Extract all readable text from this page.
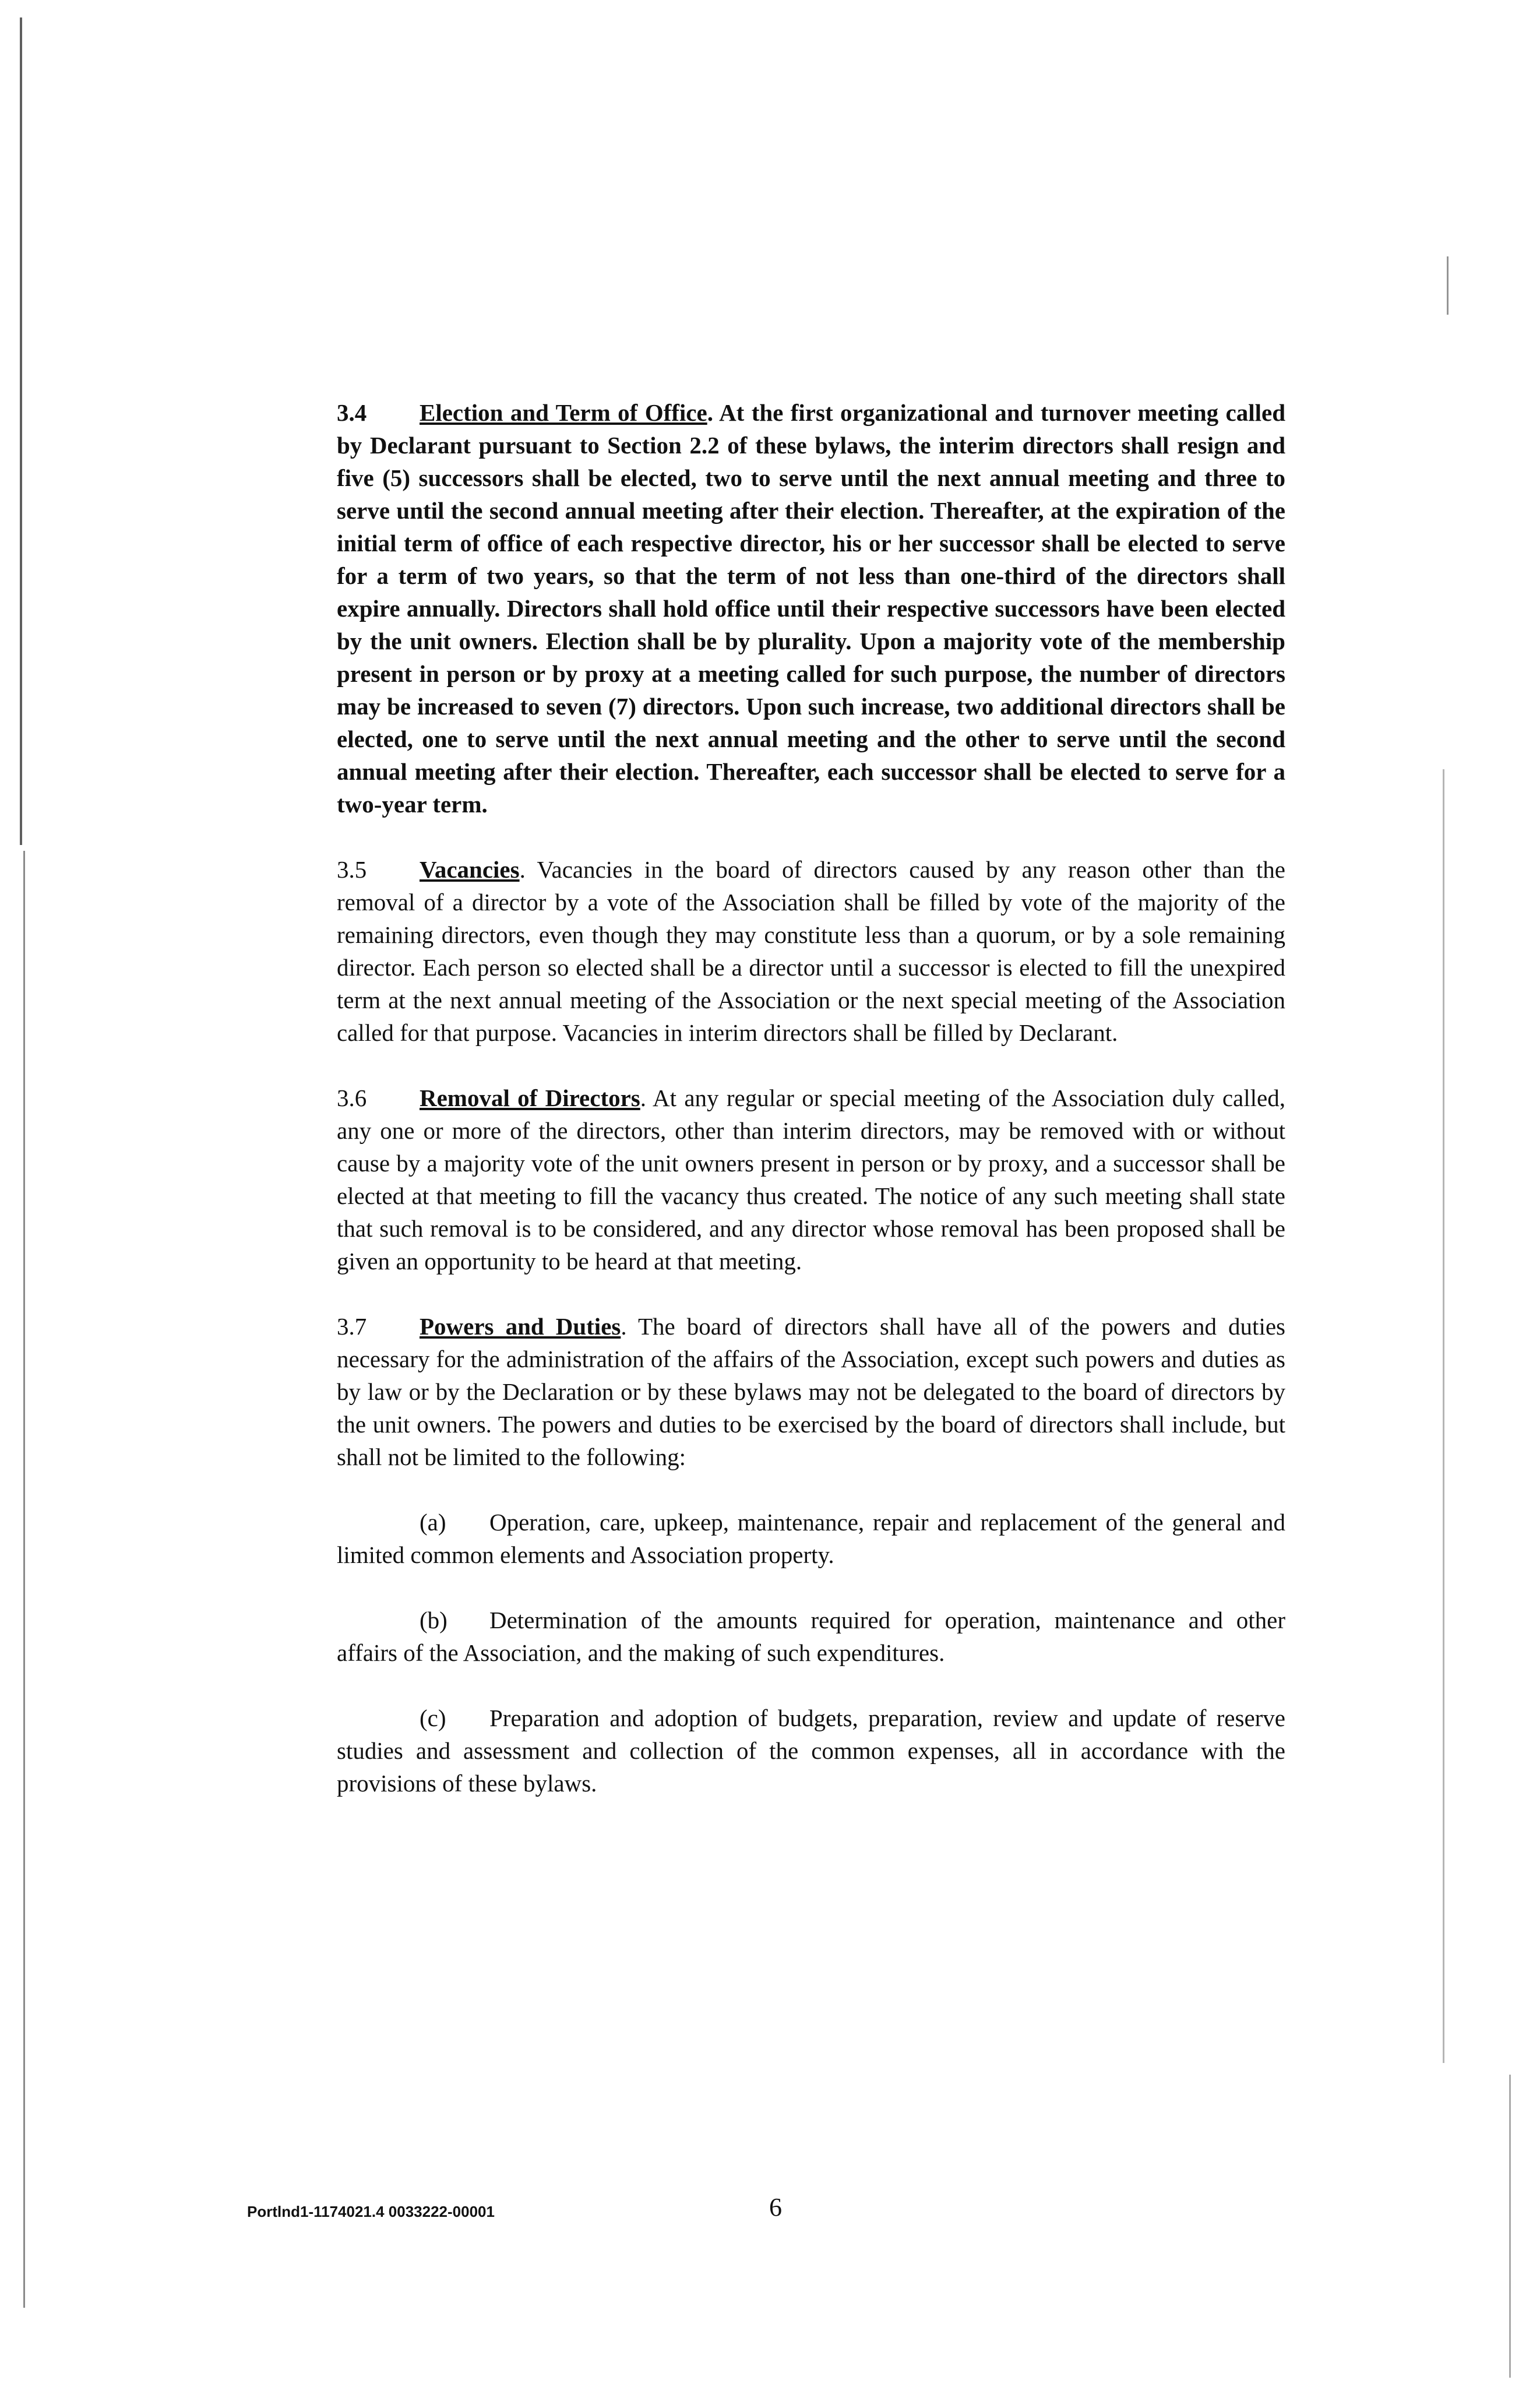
3.4 Election and Term of Office. At the first organizational and turnover meeting called by Declarant pursuant to Section 2.2 of these bylaws, the interim directors shall resign and five (5) successors shall be elected, two to serve until the next annual meeting and three to serve until the second annual meeting after their election. Thereafter, at the expiration of the initial term of office of each respective director, his or her successor shall be elected to serve for a term of two years, so that the term of not less than one-third of the directors shall expire annually. Directors shall hold office until their respective successors have been elected by the unit owners. Election shall be by plurality. Upon a majority vote of the membership present in person or by proxy at a meeting called for such purpose, the number of directors may be increased to seven (7) directors. Upon such increase, two additional directors shall be elected, one to serve until the next annual meeting and the other to serve until the second annual meeting after their election. Thereafter, each successor shall be elected to serve for a two-year term.

3.5 Vacancies. Vacancies in the board of directors caused by any reason other than the removal of a director by a vote of the Association shall be filled by vote of the majority of the remaining directors, even though they may constitute less than a quorum, or by a sole remaining director. Each person so elected shall be a director until a successor is elected to fill the unexpired term at the next annual meeting of the Association or the next special meeting of the Association called for that purpose. Vacancies in interim directors shall be filled by Declarant.

3.6 Removal of Directors. At any regular or special meeting of the Association duly called, any one or more of the directors, other than interim directors, may be removed with or without cause by a majority vote of the unit owners present in person or by proxy, and a successor shall be elected at that meeting to fill the vacancy thus created. The notice of any such meeting shall state that such removal is to be considered, and any director whose removal has been proposed shall be given an opportunity to be heard at that meeting.

3.7 Powers and Duties. The board of directors shall have all of the powers and duties necessary for the administration of the affairs of the Association, except such powers and duties as by law or by the Declaration or by these bylaws may not be delegated to the board of directors by the unit owners. The powers and duties to be exercised by the board of directors shall include, but shall not be limited to the following:

(a) Operation, care, upkeep, maintenance, repair and replacement of the general and limited common elements and Association property.

(b) Determination of the amounts required for operation, maintenance and other affairs of the Association, and the making of such expenditures.

(c) Preparation and adoption of budgets, preparation, review and update of reserve studies and assessment and collection of the common expenses, all in accordance with the provisions of these bylaws.

Portlnd1-1174021.4 0033222-00001	6
